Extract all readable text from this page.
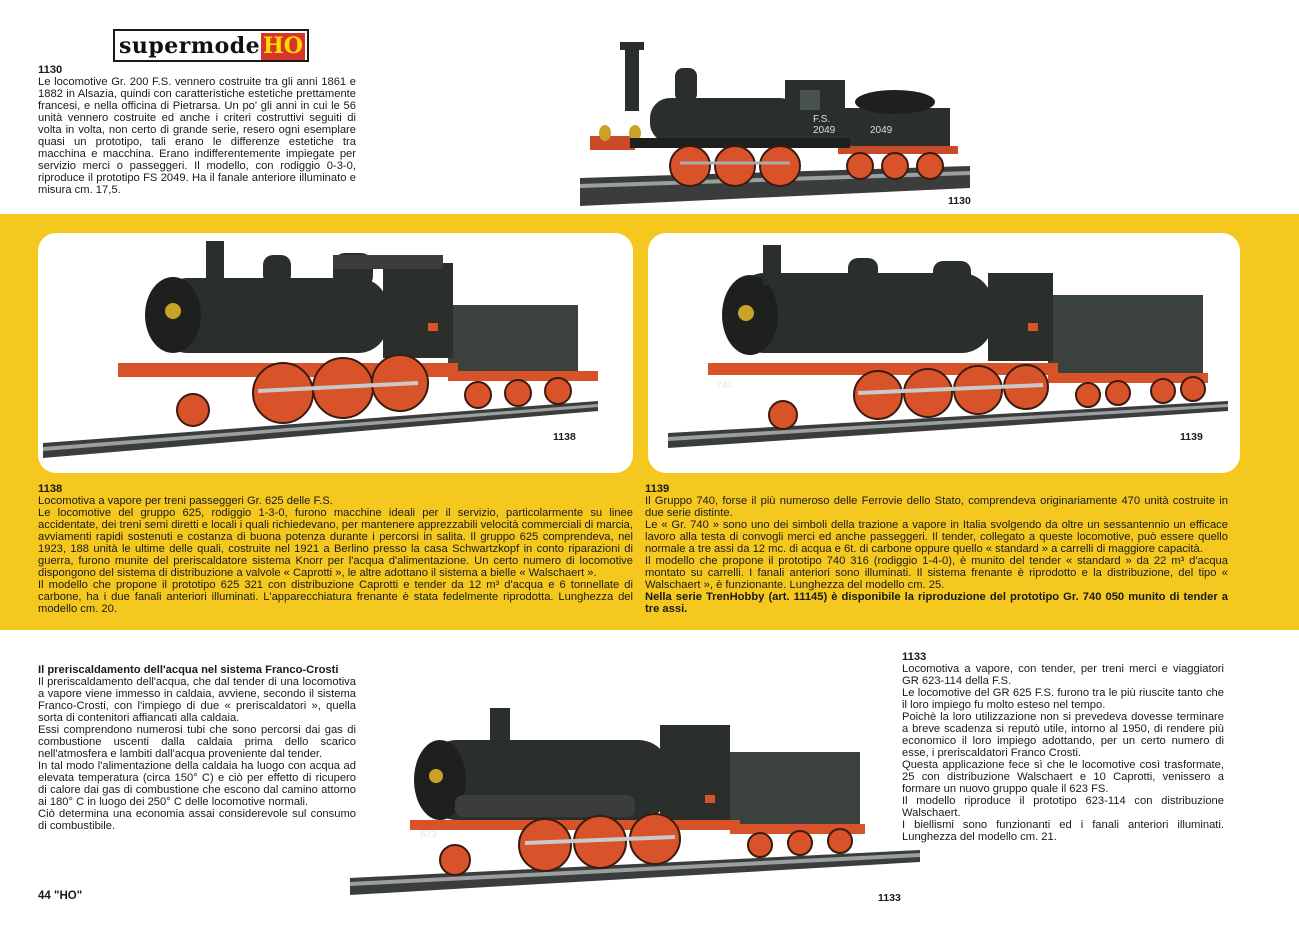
supermode HO

1130

Le locomotive Gr. 200 F.S. vennero costruite tra gli anni 1861 e 1882 in Alsazia, quindi con caratteristiche estetiche prettamente francesi, e nella officina di Pietrarsa. Un po' gli anni in cui le 56 unità vennero costruite ed anche i criteri costruttivi seguiti di volta in volta, non certo di grande serie, resero ogni esemplare quasi un prototipo, tali erano le differenze estetiche tra macchina e macchina. Erano indifferentemente impiegate per servizio merci o passeggeri. Il modello, con rodiggio 0-3-0, riproduce il prototipo FS 2049. Ha il fanale anteriore illuminato e misura cm. 17,5.

F.S.
2049	2049
1130
1138
740
1139

1138

Locomotiva a vapore per treni passeggeri Gr. 625 delle F.S.

Le locomotive del gruppo 625, rodiggio 1-3-0, furono macchine ideali per il servizio, particolarmente su linee accidentate, dei treni semi diretti e locali i quali richiedevano, per mantenere apprezzabili velocità commerciali di marcia, avviamenti rapidi sostenuti e costanza di buona potenza durante i percorsi in salita. Il gruppo 625 comprendeva, nel 1923, 188 unità le ultime delle quali, costruite nel 1921 a Berlino presso la casa Schwartzkopf in conto riparazioni di guerra, furono munite del preriscaldatore sistema Knorr per l'acqua d'alimentazione. Un certo numero di locomotive dispongono del sistema di distribuzione a valvole « Caprotti », le altre adottano il sistema a bielle « Walschaert ».

Il modello che propone il prototipo 625 321 con distribuzione Caprotti e tender da 12 m³ d'acqua e 6 tonnellate di carbone, ha i due fanali anteriori illuminati. L'apparecchiatura frenante è stata fedelmente riprodotta. Lunghezza del modello cm. 20.

1139

Il Gruppo 740, forse il più numeroso delle Ferrovie dello Stato, comprendeva originariamente 470 unità costruite in due serie distinte.

Le « Gr. 740 » sono uno dei simboli della trazione a vapore in Italia svolgendo da oltre un sessantennio un efficace lavoro alla testa di convogli merci ed anche passeggeri. Il tender, collegato a queste locomotive, può essere quello normale a tre assi da 12 mc. di acqua e 6t. di carbone oppure quello « standard » a carrelli di maggiore capacità.

Il modello che propone il prototipo 740 316 (rodiggio 1-4-0), è munito del tender « standard » da 22 m³ d'acqua montato su carrelli. I fanali anteriori sono illuminati. Il sistema frenante è riprodotto e la distribuzione, del tipo « Walschaert », è funzionante. Lunghezza del modello cm. 25.

Nella serie TrenHobby (art. 11145) è disponibile la riproduzione del prototipo Gr. 740 050 munito di tender a tre assi.

Il preriscaldamento dell'acqua nel sistema Franco-Crosti

Il preriscaldamento dell'acqua, che dal tender di una locomotiva a vapore viene immesso in caldaia, avviene, secondo il sistema Franco-Crosti, con l'impiego di due « preriscaldatori », quella sorta di contenitori affiancati alla caldaia.

Essi comprendono numerosi tubi che sono percorsi dai gas di combustione uscenti dalla caldaia prima dello scarico nell'atmosfera e lambiti dall'acqua proveniente dal tender.

In tal modo l'alimentazione della caldaia ha luogo con acqua ad elevata temperatura (circa 150° C) e ciò per effetto di ricupero di calore dai gas di combustione che escono dal camino attorno ai 180° C in luogo dei 250° C delle locomotive normali.

Ciò determina una economia assai considerevole sul consumo di combustibile.

623
1133

1133

Locomotiva a vapore, con tender, per treni merci e viaggiatori GR 623-114 della F.S.

Le locomotive del GR 625 F.S. furono tra le più riuscite tanto che il loro impiego fu molto esteso nel tempo.

Poichè la loro utilizzazione non si prevedeva dovesse terminare a breve scadenza si reputò utile, intorno al 1950, di rendere più economico il loro impiego adottando, per un certo numero di esse, i preriscaldatori Franco Crosti.

Questa applicazione fece sì che le locomotive così trasformate, 25 con distribuzione Walschaert e 10 Caprotti, venissero a formare un nuovo gruppo quale il 623 FS.

Il modello riproduce il prototipo 623-114 con distribuzione Walschaert.

I biellismi sono funzionanti ed i fanali anteriori illuminati. Lunghezza del modello cm. 21.

44 "HO"
